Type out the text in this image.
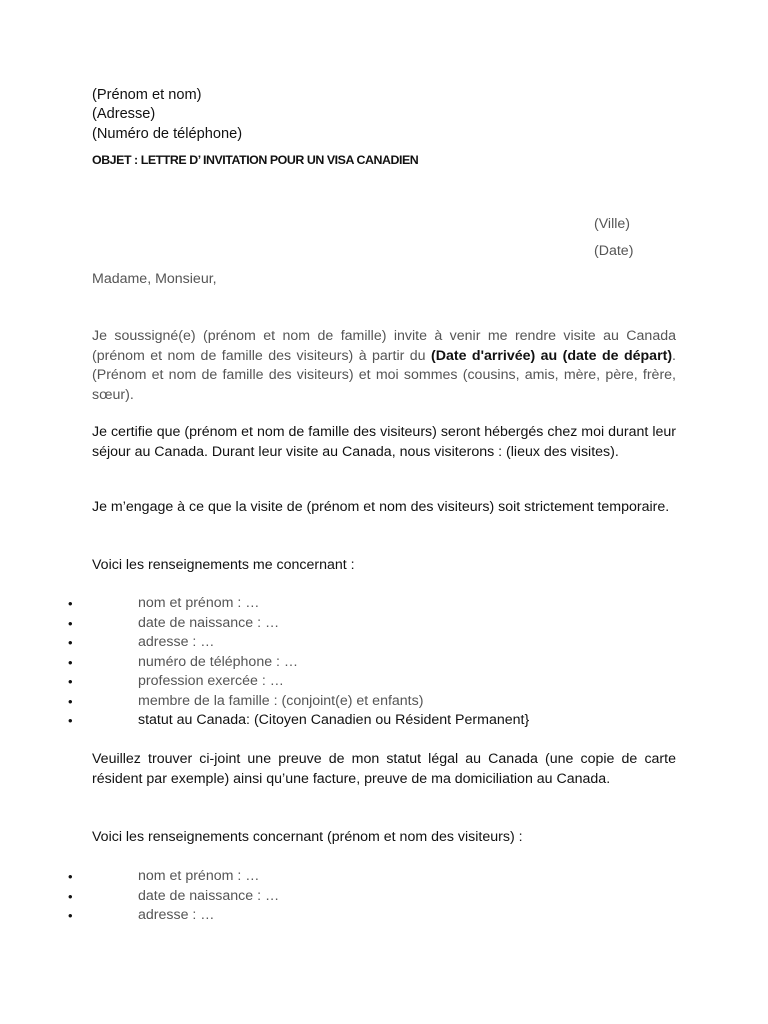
(Prénom et nom)
(Adresse)
(Numéro de téléphone)
OBJET : LETTRE D’ INVITATION POUR UN VISA CANADIEN
(Ville)
(Date)
Madame, Monsieur,
Je soussigné(e) (prénom et nom de famille) invite à venir me rendre visite au Canada (prénom et nom de famille des visiteurs) à partir du (Date d'arrivée) au (date de départ). (Prénom et nom de famille des visiteurs) et moi sommes (cousins, amis, mère, père, frère, sœur).
Je certifie que (prénom et nom de famille des visiteurs) seront hébergés chez moi durant leur séjour au Canada. Durant leur visite au Canada, nous visiterons : (lieux des visites).
Je m’engage à ce que la visite de (prénom et nom des visiteurs) soit strictement temporaire.
Voici les renseignements me concernant :
•	nom et prénom : …
•	date de naissance : …
•	adresse : …
•	numéro de téléphone : …
•	profession exercée : …
•	membre de la famille : (conjoint(e) et enfants)
•	statut au Canada: (Citoyen Canadien ou Résident Permanent}
Veuillez trouver ci-joint une preuve de mon statut légal au Canada (une copie de carte résident par exemple) ainsi qu’une facture, preuve de ma domiciliation au Canada.
Voici les renseignements concernant (prénom et nom des visiteurs) :
•	nom et prénom : …
•	date de naissance : …
•	adresse : …
